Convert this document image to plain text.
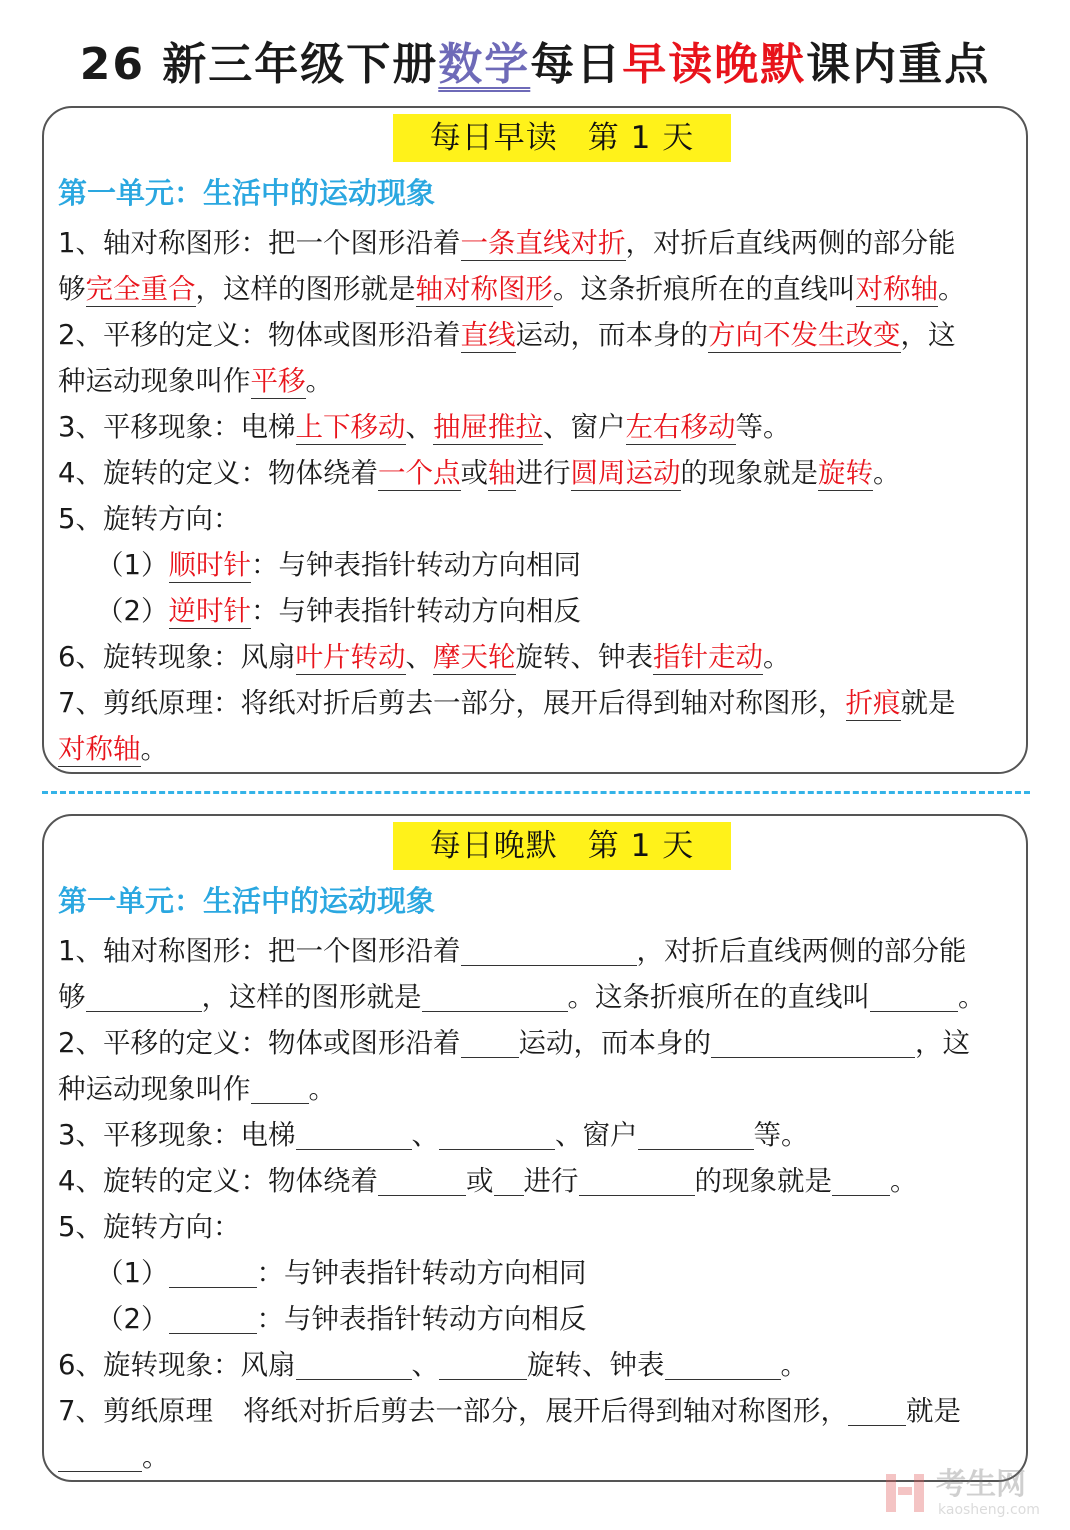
26 新三年级下册数学每日早读晚默课内重点
每日早读 第 1 天
第一单元：生活中的运动现象
1、轴对称图形：把一个图形沿着一条直线对折，对折后直线两侧的部分能
够完全重合，这样的图形就是轴对称图形。这条折痕所在的直线叫对称轴。
2、平移的定义：物体或图形沿着直线运动，而本身的方向不发生改变，这
种运动现象叫作平移。
3、平移现象：电梯上下移动、抽屉推拉、窗户左右移动等。
4、旋转的定义：物体绕着一个点或轴进行圆周运动的现象就是旋转。
5、旋转方向：
（1）顺时针：与钟表指针转动方向相同
（2）逆时针：与钟表指针转动方向相反
6、旋转现象：风扇叶片转动、摩天轮旋转、钟表指针走动。
7、剪纸原理：将纸对折后剪去一部分，展开后得到轴对称图形，折痕就是
对称轴。
每日晚默 第 1 天
第一单元：生活中的运动现象
1、轴对称图形：把一个图形沿着	，对折后直线两侧的部分能
够	，这样的图形就是	。这条折痕所在的直线叫	。
2、平移的定义：物体或图形沿着 运动，而本身的	，这
种运动现象叫作 。
3、平移现象：电梯	、	、窗户	等。
4、旋转的定义：物体绕着	或 进行	的现象就是 。
5、旋转方向：
（1）	：与钟表指针转动方向相同
（2）	：与钟表指针转动方向相反
6、旋转现象：风扇	、	旋转、钟表	。
7、剪纸原理 将纸对折后剪去一部分，展开后得到轴对称图形， 就是
。
考生网
kaosheng.com
